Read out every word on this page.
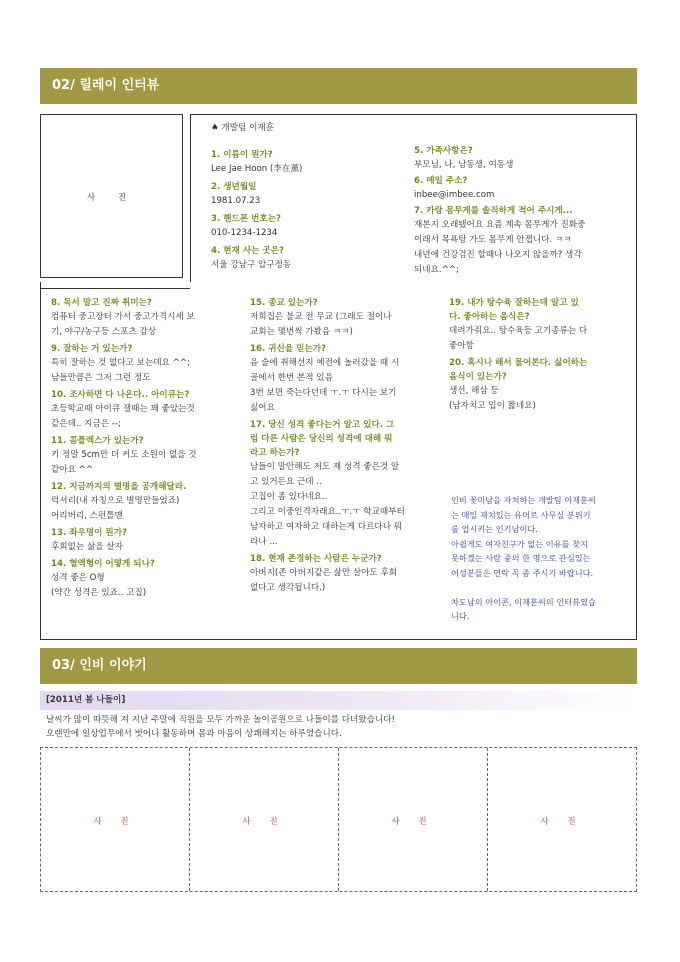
02/ 릴레이 인터뷰
사 진
♠ 개발팀 이재훈

1. 이름이 뭔가?

Lee Jae Hoon (李在薰)

2. 생년월일

1981.07.23

3. 핸드폰 번호는?

010-1234-1234

4. 현재 사는 곳은?

서울 강남구 압구정동

5. 가족사항은?

부모님, 나, 남동생, 여동생

6. 메일 주소?

inbee@imbee.com

7. 카랑 몸무게를 솔직하게 적어 주시게...

재본지 오래됐어요 요즘 계속 몸무게가 진화중

이래서 목욕탕 가도 몸무게 안잽니다. ㅋㅋ

내년에 건강검진 할때나 나오지 않을까? 생각

되네요.^^;

8. 독서 말고 진짜 취미는?

컴퓨터 중고장터 가서 중고가격시세 보

기, 야구/농구등 스포츠 감상

9. 잘하는 거 있는가?

특히 잘하는 것 없다고 보는데요 ^^;

남들만큼은 그저 그런 정도

10. 조사하면 다 나온다.. 아이큐는?

초등학교때 아이큐 잴때는 꽤 좋았는것

같은데.. 지금은 --;

11. 콤플렉스가 있는가?

키 정말 5cm만 더 커도 소원이 없을 것

같아요 ^^

12. 지금까지의 별명을 공개해달라.

럭셔리(내 자칭으로 별명만들었죠)

어리버리, 스펀틀맨

13. 좌우명이 뭔가?

후회없는 삶을 살자

14. 혈액형이 어떻게 되나?

성격 좋은 O형

(약간 성격은 있죠.. 고집)

15. 종교 있는가?

저희집은 불교 전 무교 (그래도 절이나

교회는 몇번씩 가봤음 ㅋㅋ)

16. 귀신을 믿는가?

음 술에 취해선지 예전에 놀러갔을 때 시

골에서 한번 본적 있음

3번 보면 죽는다던데 ㅜ.ㅜ 다시는 보기

싫어요

17. 당신 성격 좋다는거 알고 있다. 그

럼 다른 사람은 당신의 성격에 대해 뭐

라고 하는가?

남들이 말안해도 저도 제 성격 좋은것 알

고 있거든요 근데 ..

고집이 좀 있다네요..

그리고 이중인격자래요..ㅜ.ㅜ 학교때부터

남자하고 여자하고 대하는게 다르다나 뭐

라나 ...

18. 현재 존경하는 사람은 누군가?

아버지(존 아버지같은 삶만 살아도 후회

없다고 생각됩니다.)

19. 내가 탕수육 잘하는데 알고 있

다. 좋아하는 음식은?

데려가줘요.. 탕수육등 고기종류는 다

좋아함

20. 혹시나 해서 물어본다. 싫어하는

음식이 있는가?

생선, 해삼 등

(남자치고 입이 짧네요)

인비 꽃미남을 자처하는 개발팀 이재훈씨

는 매일 재치있는 유머로 사무실 분위기

를 업시키는 인기남이다.

아쉽게도 여자친구가 없는 이유를 찾지

못하겠는 사람 중의 한 명으로 관심있는

여성분들은 연락 꼭 좀 주시기 바랍니다.

차도남의 아이콘, 이재훈씨의 인터뷰였습

니다.

03/ 인비 이야기
[2011년 봄 나들이]
날씨가 많이 따뜻해 져 지난 주말에 직원을 모두 가까운 놀이공원으로 나들이를 다녀왔습니다!
오랜만에 일상업무에서 벗어나 활동하며 몸과 마음이 상쾌해지는 하루였습니다.
사 진	사 진	사 진	사 진
